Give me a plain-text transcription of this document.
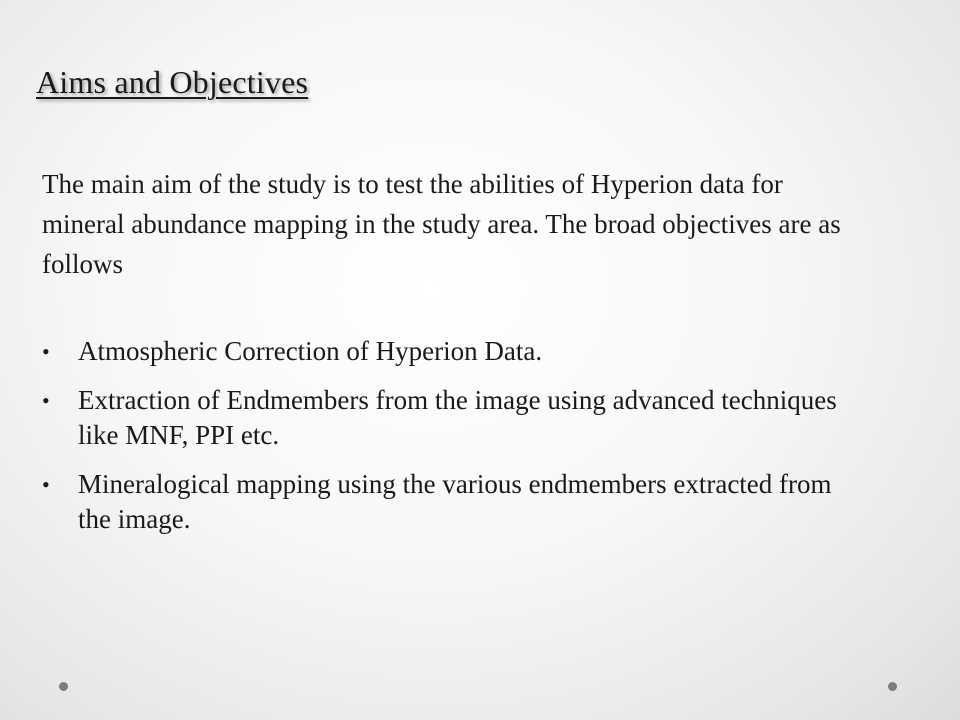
Aims and Objectives

The main aim of the study is to test the abilities of Hyperion data for mineral abundance mapping in the study area. The broad objectives are as follows

• Atmospheric Correction of Hyperion Data.
• Extraction of Endmembers from the image using advanced techniques like MNF, PPI etc.
• Mineralogical mapping using the various endmembers extracted from the image.
